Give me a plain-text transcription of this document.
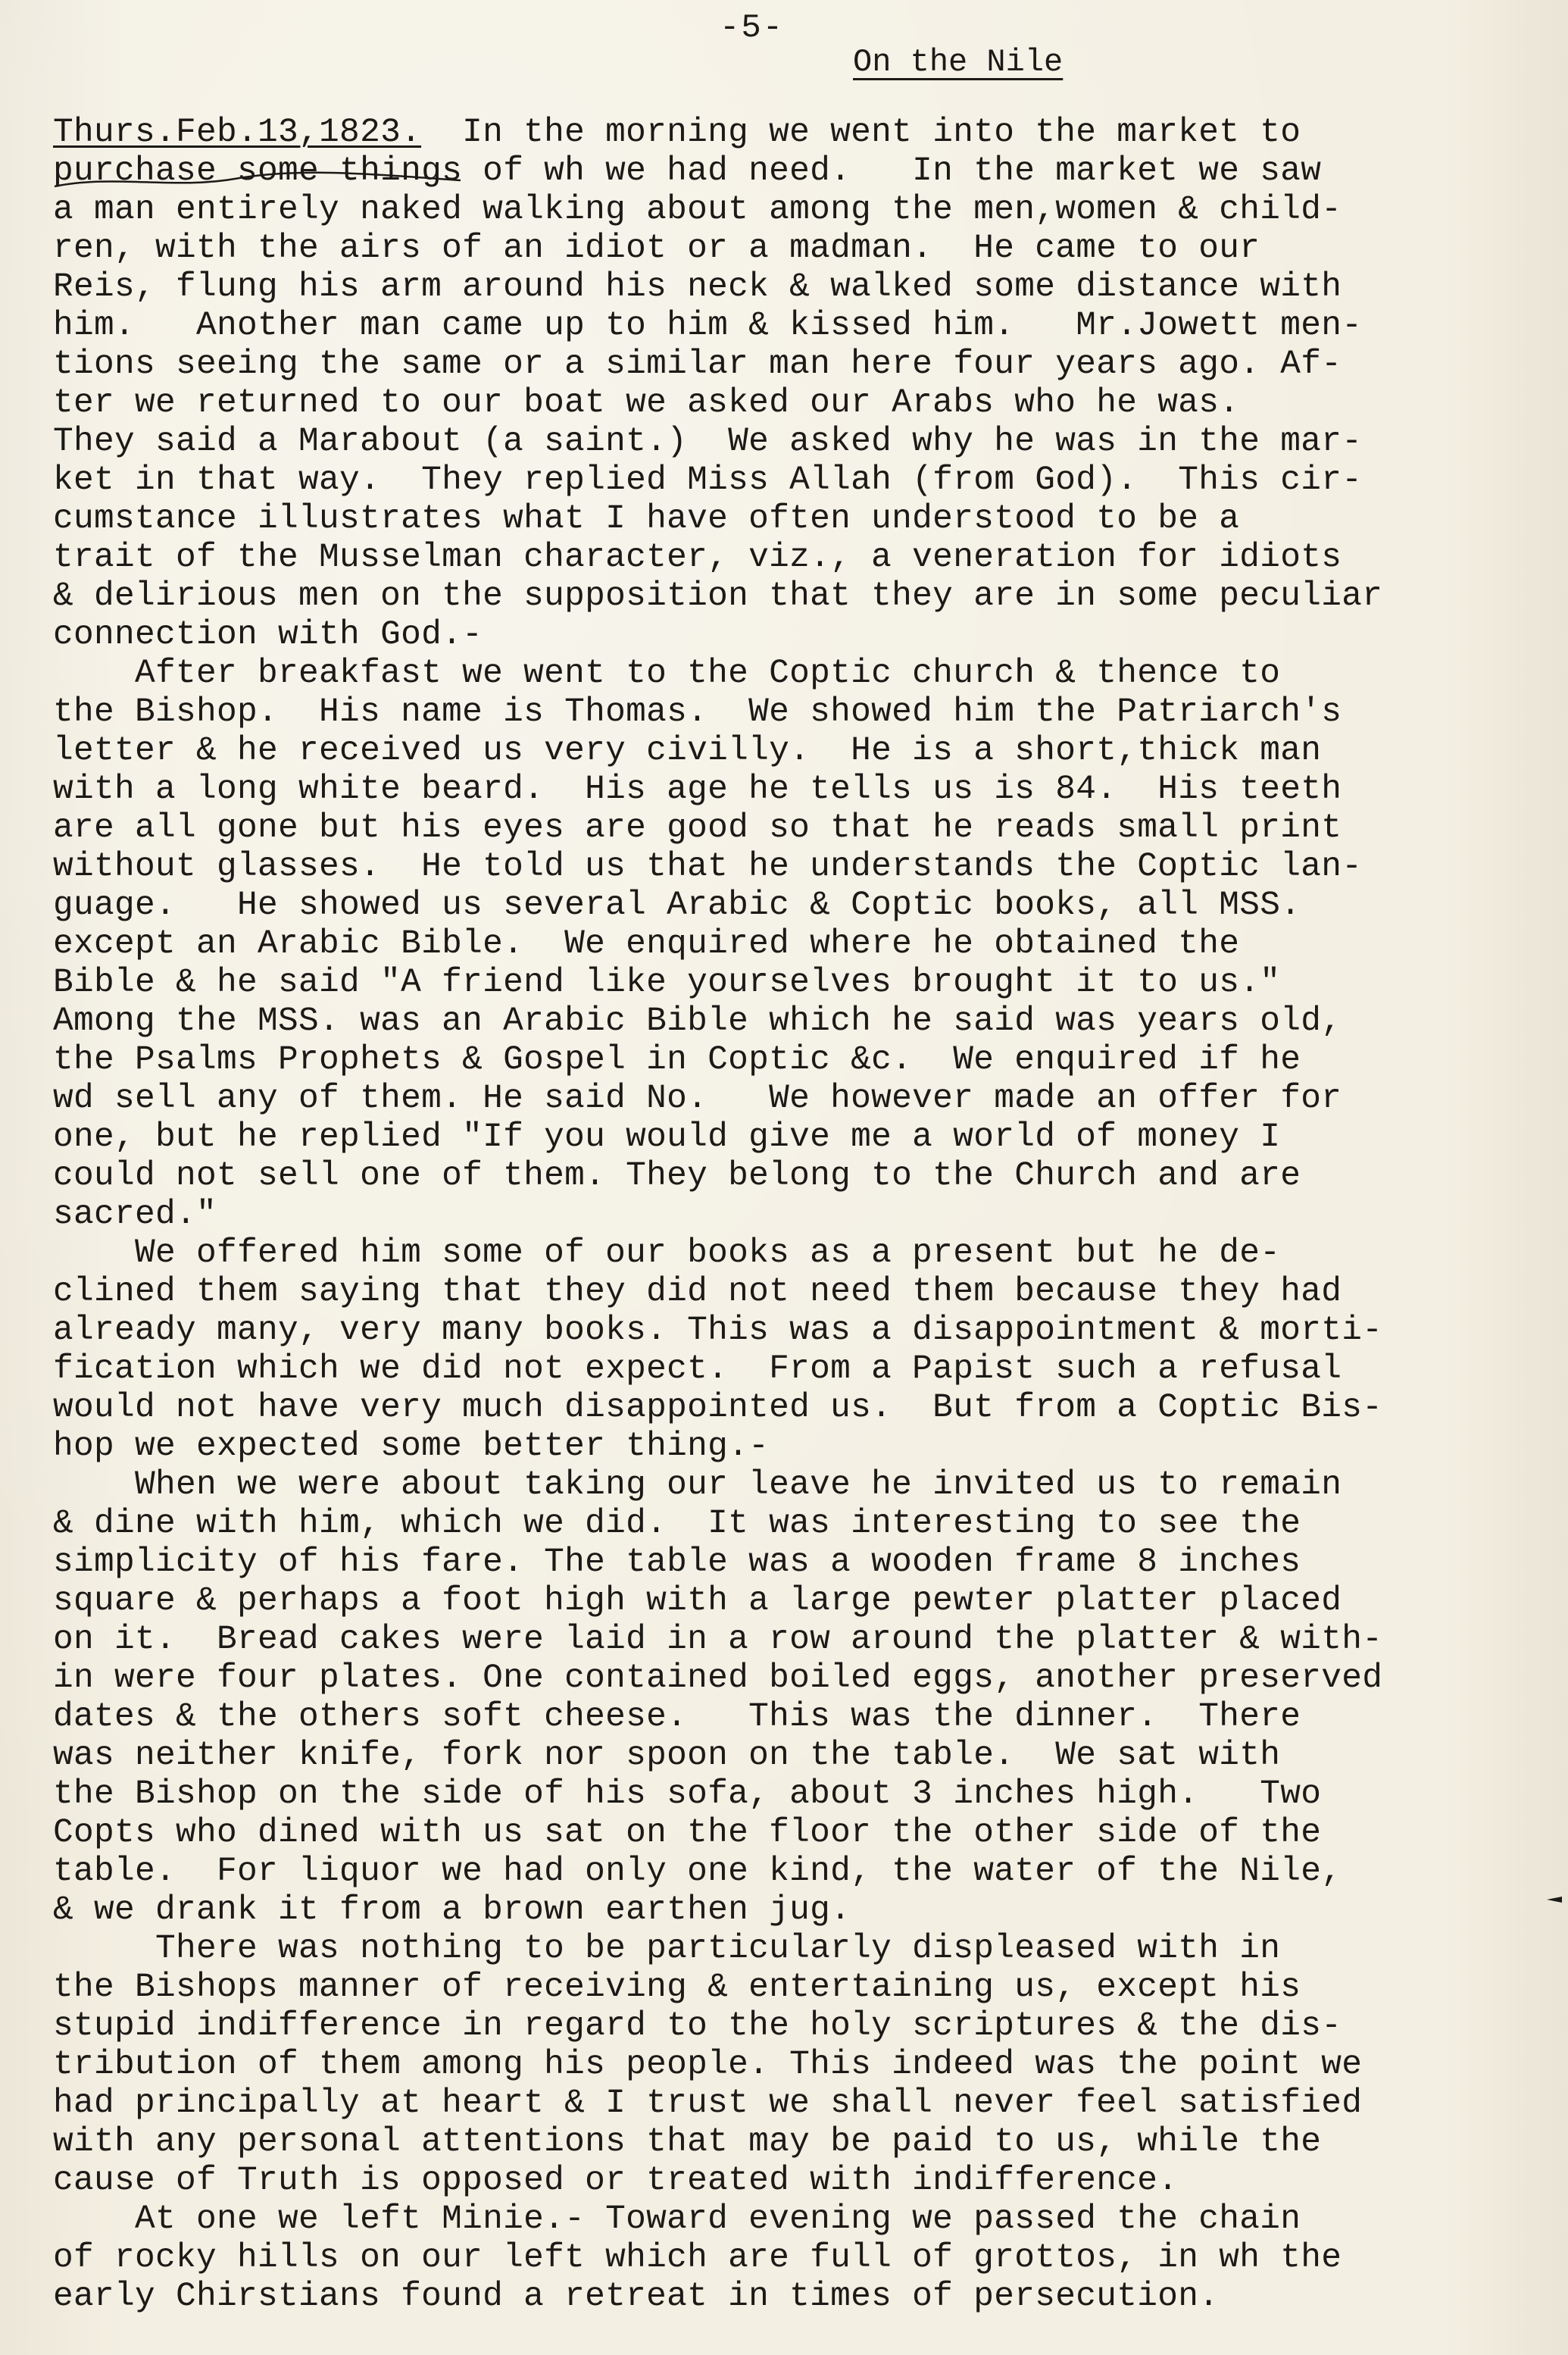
-5-
On the Nile
Thurs.Feb.13,1823. In the morning we went into the market to
purchase some things of wh we had need.   In the market we saw
a man entirely naked walking about among the men,women & child-
ren, with the airs of an idiot or a madman.  He came to our
Reis, flung his arm around his neck & walked some distance with
him.   Another man came up to him & kissed him.   Mr.Jowett men-
tions seeing the same or a similar man here four years ago. Af-
ter we returned to our boat we asked our Arabs who he was.
They said a Marabout (a saint.)  We asked why he was in the mar-
ket in that way.  They replied Miss Allah (from God).  This cir-
cumstance illustrates what I have often understood to be a
trait of the Musselman character, viz., a veneration for idiots
& delirious men on the supposition that they are in some peculiar
connection with God.-
After breakfast we went to the Coptic church & thence to
the Bishop.  His name is Thomas.  We showed him the Patriarch's
letter & he received us very civilly.  He is a short,thick man
with a long white beard.  His age he tells us is 84.  His teeth
are all gone but his eyes are good so that he reads small print
without glasses.  He told us that he understands the Coptic lan-
guage.   He showed us several Arabic & Coptic books, all MSS.
except an Arabic Bible.  We enquired where he obtained the
Bible & he said "A friend like yourselves brought it to us."
Among the MSS. was an Arabic Bible which he said was years old,
the Psalms Prophets & Gospel in Coptic &c.  We enquired if he
wd sell any of them. He said No.   We however made an offer for
one, but he replied "If you would give me a world of money I
could not sell one of them. They belong to the Church and are
sacred."
We offered him some of our books as a present but he de-
clined them saying that they did not need them because they had
already many, very many books. This was a disappointment & morti-
fication which we did not expect.  From a Papist such a refusal
would not have very much disappointed us.  But from a Coptic Bis-
hop we expected some better thing.-
When we were about taking our leave he invited us to remain
& dine with him, which we did.  It was interesting to see the
simplicity of his fare. The table was a wooden frame 8 inches
square & perhaps a foot high with a large pewter platter placed
on it.  Bread cakes were laid in a row around the platter & with-
in were four plates. One contained boiled eggs, another preserved
dates & the others soft cheese.   This was the dinner.  There
was neither knife, fork nor spoon on the table.  We sat with
the Bishop on the side of his sofa, about 3 inches high.   Two
Copts who dined with us sat on the floor the other side of the
table.  For liquor we had only one kind, the water of the Nile,
& we drank it from a brown earthen jug.
There was nothing to be particularly displeased with in
the Bishops manner of receiving & entertaining us, except his
stupid indifference in regard to the holy scriptures & the dis-
tribution of them among his people. This indeed was the point we
had principally at heart & I trust we shall never feel satisfied
with any personal attentions that may be paid to us, while the
cause of Truth is opposed or treated with indifference.
At one we left Minie.- Toward evening we passed the chain
of rocky hills on our left which are full of grottos, in wh the
early Chirstians found a retreat in times of persecution.
